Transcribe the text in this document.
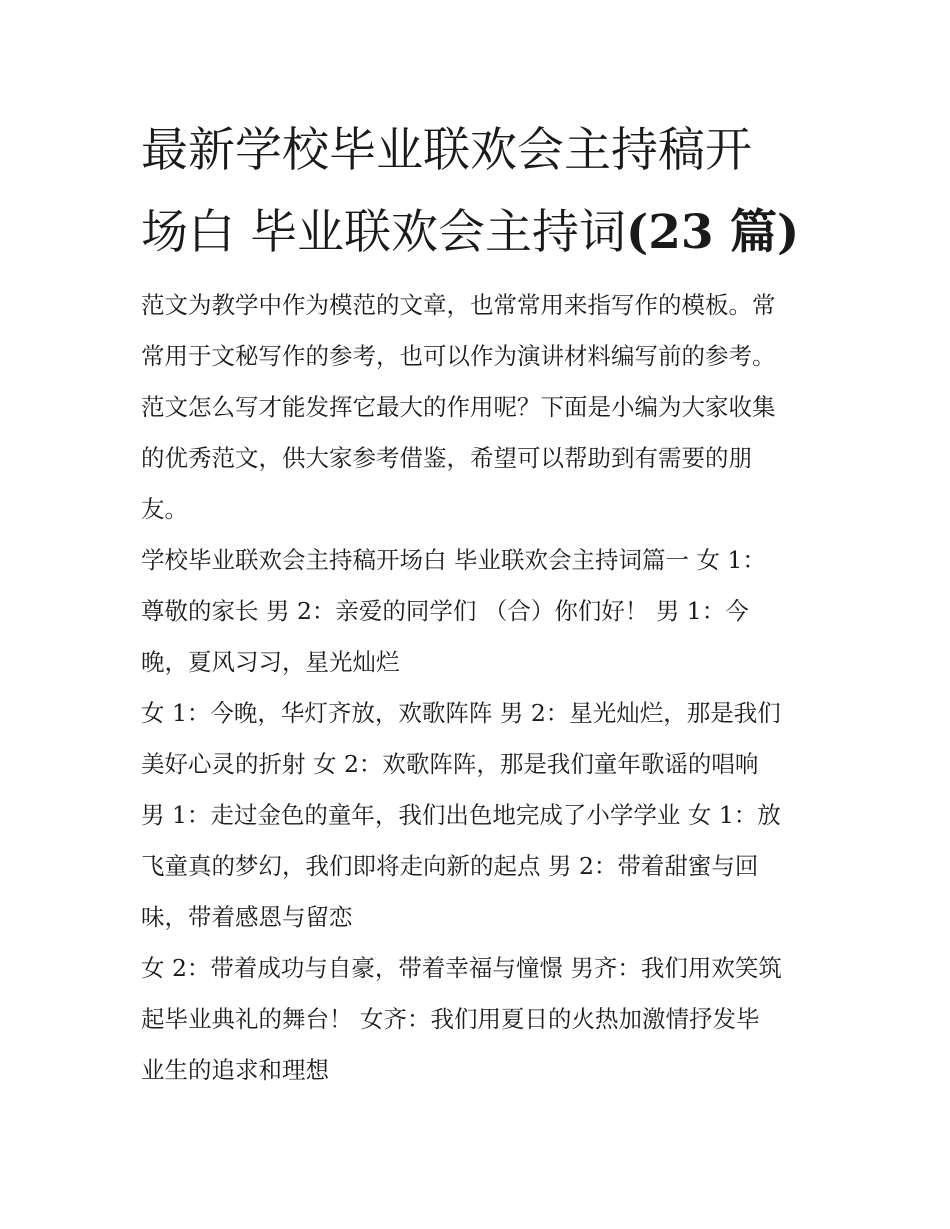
最新学校毕业联欢会主持稿开
场白 毕业联欢会主持词(23 篇)
范文为教学中作为模范的文章，也常常用来指写作的模板。常
常用于文秘写作的参考，也可以作为演讲材料编写前的参考。
范文怎么写才能发挥它最大的作用呢？下面是小编为大家收集
的优秀范文，供大家参考借鉴，希望可以帮助到有需要的朋
友。
学校毕业联欢会主持稿开场白 毕业联欢会主持词篇一 女 1：
尊敬的家长 男 2：亲爱的同学们 （合）你们好！ 男 1：今
晚，夏风习习，星光灿烂
女 1：今晚，华灯齐放，欢歌阵阵 男 2：星光灿烂，那是我们
美好心灵的折射 女 2：欢歌阵阵，那是我们童年歌谣的唱响
男 1：走过金色的童年，我们出色地完成了小学学业 女 1：放
飞童真的梦幻，我们即将走向新的起点 男 2：带着甜蜜与回
味，带着感恩与留恋
女 2：带着成功与自豪，带着幸福与憧憬 男齐：我们用欢笑筑
起毕业典礼的舞台！ 女齐：我们用夏日的火热加激情抒发毕
业生的追求和理想
